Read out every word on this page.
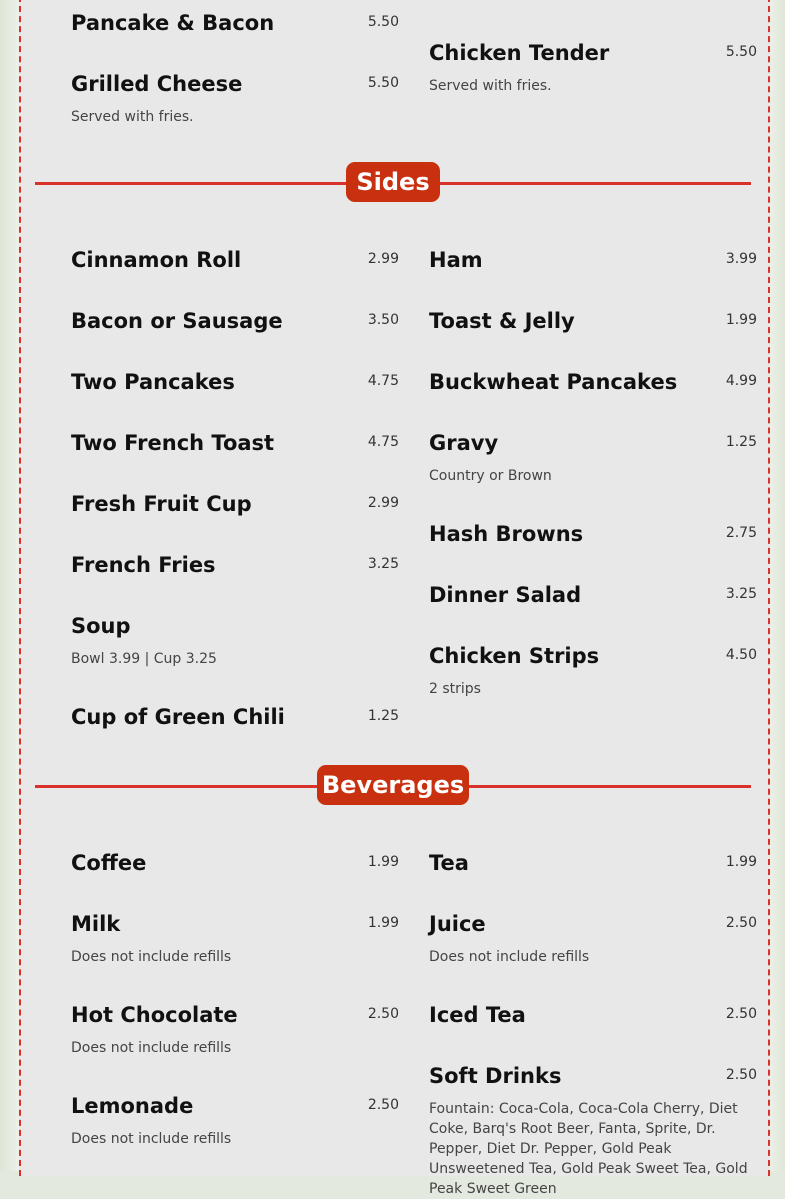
Pancake & Bacon	5.50
Grilled Cheese	5.50
Served with fries.
Chicken Tender	5.50
Served with fries.
Sides
Cinnamon Roll	2.99
Bacon or Sausage	3.50
Two Pancakes	4.75
Two French Toast	4.75
Fresh Fruit Cup	2.99
French Fries	3.25
Soup
Bowl 3.99 | Cup 3.25
Cup of Green Chili	1.25
Ham	3.99
Toast & Jelly	1.99
Buckwheat Pancakes	4.99
Gravy	1.25
Country or Brown
Hash Browns	2.75
Dinner Salad	3.25
Chicken Strips	4.50
2 strips
Beverages
Coffee	1.99
Milk	1.99
Does not include refills
Hot Chocolate	2.50
Does not include refills
Lemonade	2.50
Does not include refills
Tea	1.99
Juice	2.50
Does not include refills
Iced Tea	2.50
Soft Drinks	2.50
Fountain: Coca-Cola, Coca-Cola Cherry, Diet Coke, Barq's Root Beer, Fanta, Sprite, Dr. Pepper, Diet Dr. Pepper, Gold Peak Unsweetened Tea, Gold Peak Sweet Tea, Gold Peak Sweet Green
